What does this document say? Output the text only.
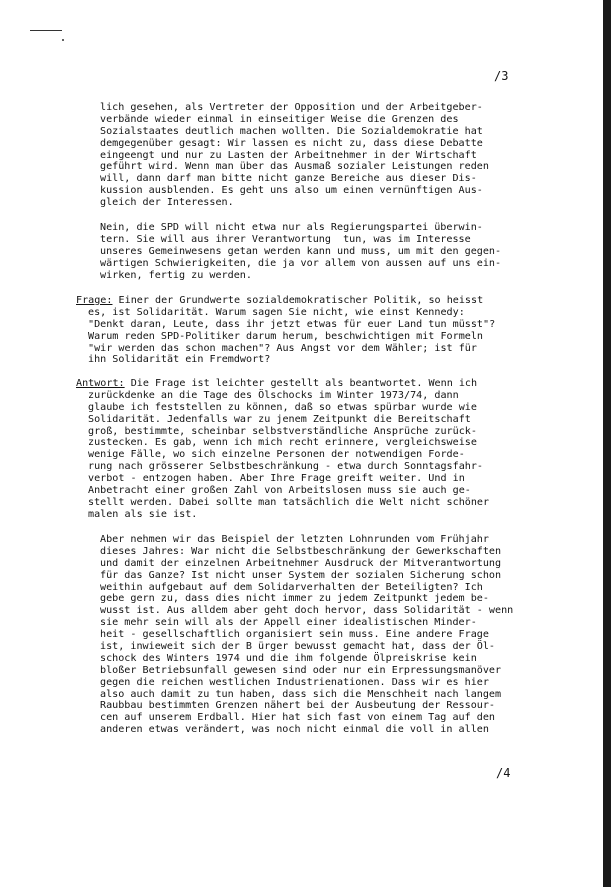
/3
lich gesehen, als Vertreter der Opposition und der Arbeitgeber-
verbände wieder einmal in einseitiger Weise die Grenzen des
Sozialstaates deutlich machen wollten. Die Sozialdemokratie hat
demgegenüber gesagt: Wir lassen es nicht zu, dass diese Debatte
eingeengt und nur zu Lasten der Arbeitnehmer in der Wirtschaft
geführt wird. Wenn man über das Ausmaß sozialer Leistungen reden
will, dann darf man bitte nicht ganze Bereiche aus dieser Dis-
kussion ausblenden. Es geht uns also um einen vernünftigen Aus-
gleich der Interessen.
Nein, die SPD will nicht etwa nur als Regierungspartei überwin-
tern. Sie will aus ihrer Verantwortung  tun, was im Interesse
unseres Gemeinwesens getan werden kann und muss, um mit den gegen-
wärtigen Schwierigkeiten, die ja vor allem von aussen auf uns ein-
wirken, fertig zu werden.
Frage: Einer der Grundwerte sozialdemokratischer Politik, so heisst
es, ist Solidarität. Warum sagen Sie nicht, wie einst Kennedy:
"Denkt daran, Leute, dass ihr jetzt etwas für euer Land tun müsst"?
Warum reden SPD-Politiker darum herum, beschwichtigen mit Formeln
"wir werden das schon machen"? Aus Angst vor dem Wähler; ist für
ihn Solidarität ein Fremdwort?
Antwort: Die Frage ist leichter gestellt als beantwortet. Wenn ich
zurückdenke an die Tage des Ölschocks im Winter 1973/74, dann
glaube ich feststellen zu können, daß so etwas spürbar wurde wie
Solidarität. Jedenfalls war zu jenem Zeitpunkt die Bereitschaft
groß, bestimmte, scheinbar selbstverständliche Ansprüche zurück-
zustecken. Es gab, wenn ich mich recht erinnere, vergleichsweise
wenige Fälle, wo sich einzelne Personen der notwendigen Forde-
rung nach grösserer Selbstbeschränkung - etwa durch Sonntagsfahr-
verbot - entzogen haben. Aber Ihre Frage greift weiter. Und in
Anbetracht einer großen Zahl von Arbeitslosen muss sie auch ge-
stellt werden. Dabei sollte man tatsächlich die Welt nicht schöner
malen als sie ist.
Aber nehmen wir das Beispiel der letzten Lohnrunden vom Frühjahr
dieses Jahres: War nicht die Selbstbeschränkung der Gewerkschaften
und damit der einzelnen Arbeitnehmer Ausdruck der Mitverantwortung
für das Ganze? Ist nicht unser System der sozialen Sicherung schon
weithin aufgebaut auf dem Solidarverhalten der Beteiligten? Ich
gebe gern zu, dass dies nicht immer zu jedem Zeitpunkt jedem be-
wusst ist. Aus alldem aber geht doch hervor, dass Solidarität - wenn
sie mehr sein will als der Appell einer idealistischen Minder-
heit - gesellschaftlich organisiert sein muss. Eine andere Frage
ist, inwieweit sich der B ürger bewusst gemacht hat, dass der Öl-
schock des Winters 1974 und die ihm folgende Ölpreiskrise kein
bloßer Betriebsunfall gewesen sind oder nur ein Erpressungsmanöver
gegen die reichen westlichen Industrienationen. Dass wir es hier
also auch damit zu tun haben, dass sich die Menschheit nach langem
Raubbau bestimmten Grenzen nähert bei der Ausbeutung der Ressour-
cen auf unserem Erdball. Hier hat sich fast von einem Tag auf den
anderen etwas verändert, was noch nicht einmal die voll in allen
/4
